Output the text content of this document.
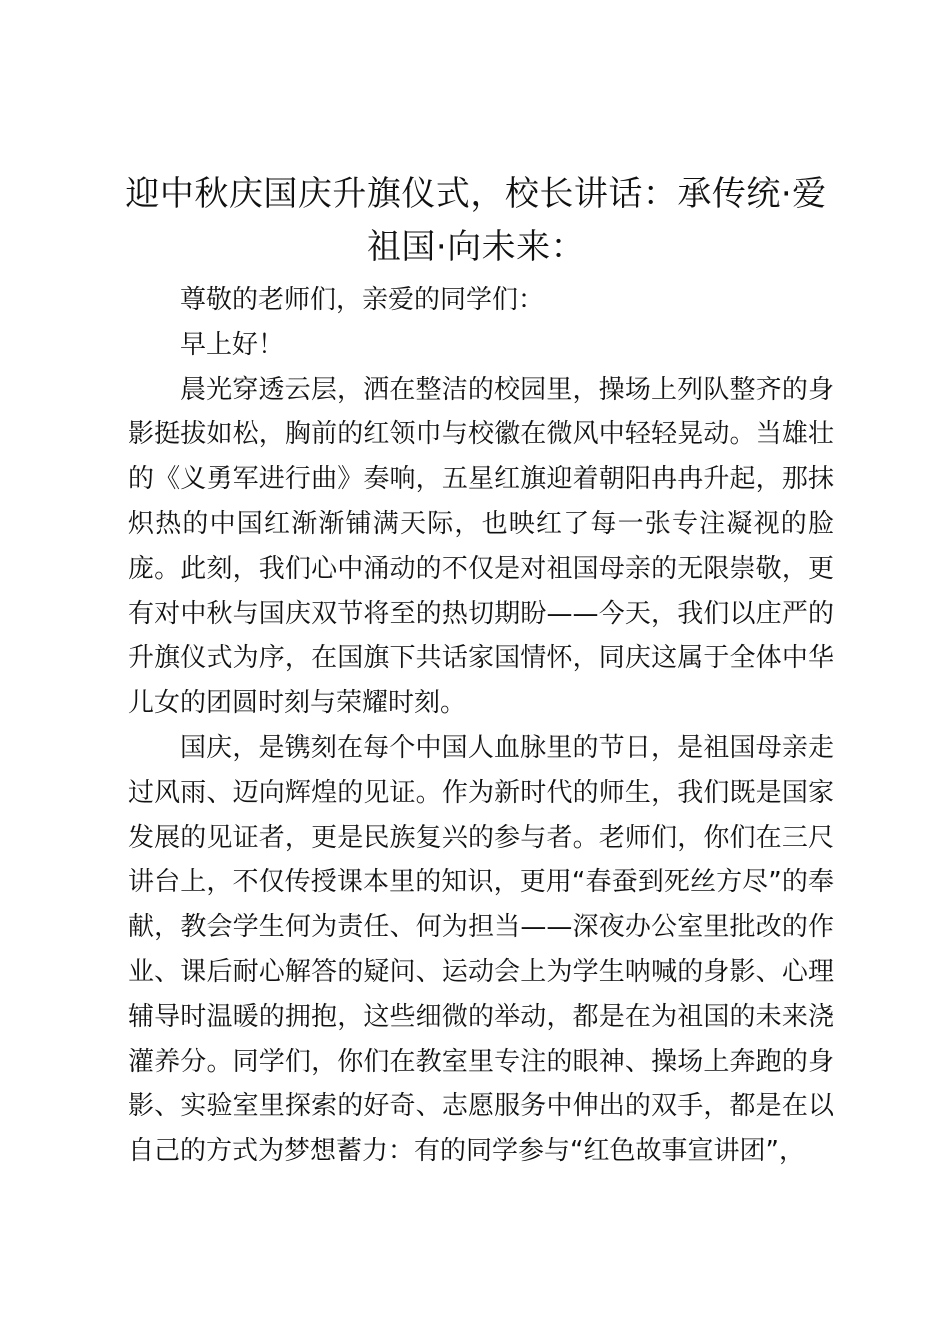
迎中秋庆国庆升旗仪式，校长讲话：承传统·爱祖国·向未来：

尊敬的老师们，亲爱的同学们：

早上好！

晨光穿透云层，洒在整洁的校园里，操场上列队整齐的身影挺拔如松，胸前的红领巾与校徽在微风中轻轻晃动。当雄壮的《义勇军进行曲》奏响，五星红旗迎着朝阳冉冉升起，那抹炽热的中国红渐渐铺满天际，也映红了每一张专注凝视的脸庞。此刻，我们心中涌动的不仅是对祖国母亲的无限崇敬，更有对中秋与国庆双节将至的热切期盼——今天，我们以庄严的升旗仪式为序，在国旗下共话家国情怀，同庆这属于全体中华儿女的团圆时刻与荣耀时刻。

国庆，是镌刻在每个中国人血脉里的节日，是祖国母亲走过风雨、迈向辉煌的见证。作为新时代的师生，我们既是国家发展的见证者，更是民族复兴的参与者。老师们，你们在三尺讲台上，不仅传授课本里的知识，更用“春蚕到死丝方尽”的奉献，教会学生何为责任、何为担当——深夜办公室里批改的作业、课后耐心解答的疑问、运动会上为学生呐喊的身影、心理辅导时温暖的拥抱，这些细微的举动，都是在为祖国的未来浇灌养分。同学们，你们在教室里专注的眼神、操场上奔跑的身影、实验室里探索的好奇、志愿服务中伸出的双手，都是在以自己的方式为梦想蓄力：有的同学参与“红色故事宣讲团”，
